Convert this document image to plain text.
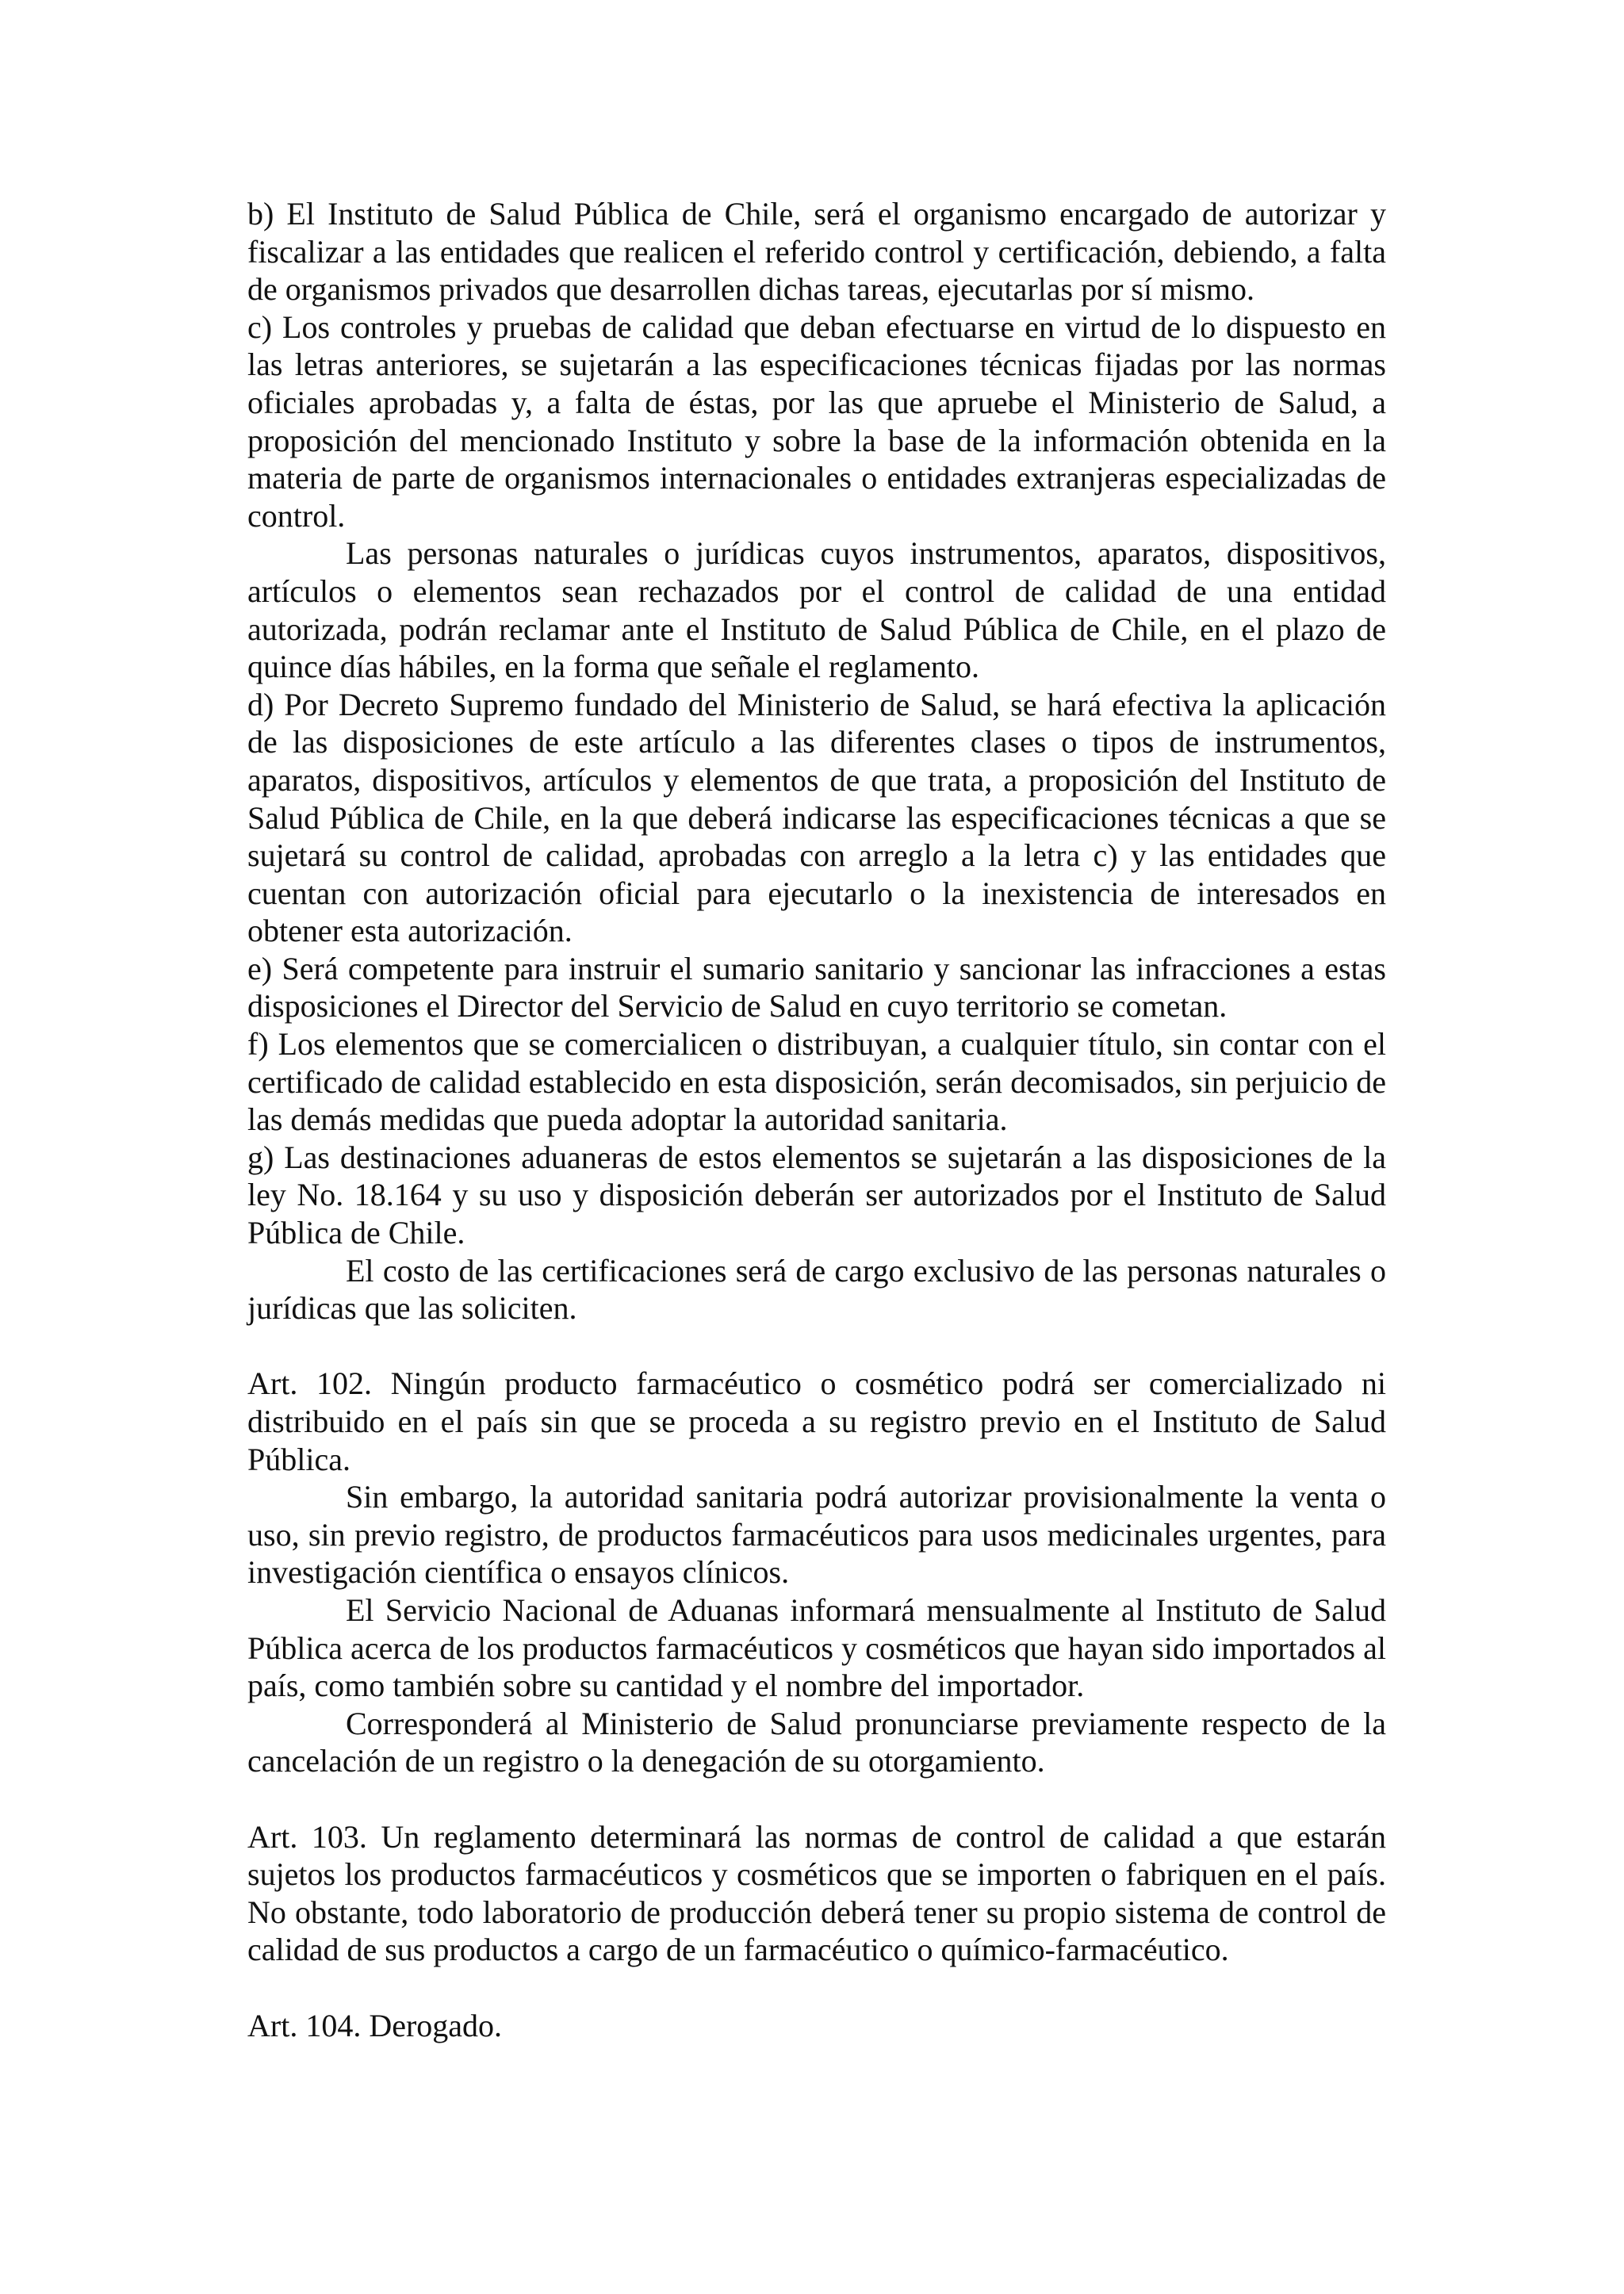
b) El Instituto de Salud Pública de Chile, será el organismo encargado de autorizar y fiscalizar a las entidades que realicen el referido control y certificación, debiendo, a falta de organismos privados que desarrollen dichas tareas, ejecutarlas por sí mismo.

c) Los controles y pruebas de calidad que deban efectuarse en virtud de lo dispuesto en las letras anteriores, se sujetarán a las especificaciones técnicas fijadas por las normas oficiales aprobadas y, a falta de éstas, por las que apruebe el Ministerio de Salud, a proposición del mencionado Instituto y sobre la base de la información obtenida en la materia de parte de organismos internacionales o entidades extranjeras especializadas de control.

Las personas naturales o jurídicas cuyos instrumentos, aparatos, dispositivos, artículos o elementos sean rechazados por el control de calidad de una entidad autorizada, podrán reclamar ante el Instituto de Salud Pública de Chile, en el plazo de quince días hábiles, en la forma que señale el reglamento.

d) Por Decreto Supremo fundado del Ministerio de Salud, se hará efectiva la aplicación de las disposiciones de este artículo a las diferentes clases o tipos de instrumentos, aparatos, dispositivos, artículos y elementos de que trata, a proposición del Instituto de Salud Pública de Chile, en la que deberá indicarse las especificaciones técnicas a que se sujetará su control de calidad, aprobadas con arreglo a la letra c) y las entidades que cuentan con autorización oficial para ejecutarlo o la inexistencia de interesados en obtener esta autorización.

e) Será competente para instruir el sumario sanitario y sancionar las infracciones a estas disposiciones el Director del Servicio de Salud en cuyo territorio se cometan.

f) Los elementos que se comercialicen o distribuyan, a cualquier título, sin contar con el certificado de calidad establecido en esta disposición, serán decomisados, sin perjuicio de las demás medidas que pueda adoptar la autoridad sanitaria.

g) Las destinaciones aduaneras de estos elementos se sujetarán a las disposiciones de la ley No. 18.164 y su uso y disposición deberán ser autorizados por el Instituto de Salud Pública de Chile.

El costo de las certificaciones será de cargo exclusivo de las personas naturales o jurídicas que las soliciten.

Art. 102. Ningún producto farmacéutico o cosmético podrá ser comercializado ni distribuido en el país sin que se proceda a su registro previo en el Instituto de Salud Pública.

Sin embargo, la autoridad sanitaria podrá autorizar provisionalmente la venta o uso, sin previo registro, de productos farmacéuticos para usos medicinales urgentes, para investigación científica o ensayos clínicos.

El Servicio Nacional de Aduanas informará mensualmente al Instituto de Salud Pública acerca de los productos farmacéuticos y cosméticos que hayan sido importados al país, como también sobre su cantidad y el nombre del importador.

Corresponderá al Ministerio de Salud pronunciarse previamente respecto de la cancelación de un registro o la denegación de su otorgamiento.

Art. 103. Un reglamento determinará las normas de control de calidad a que estarán sujetos los productos farmacéuticos y cosméticos que se importen o fabriquen en el país. No obstante, todo laboratorio de producción deberá tener su propio sistema de control de calidad de sus productos a cargo de un farmacéutico o químico-farmacéutico.

Art. 104. Derogado.
